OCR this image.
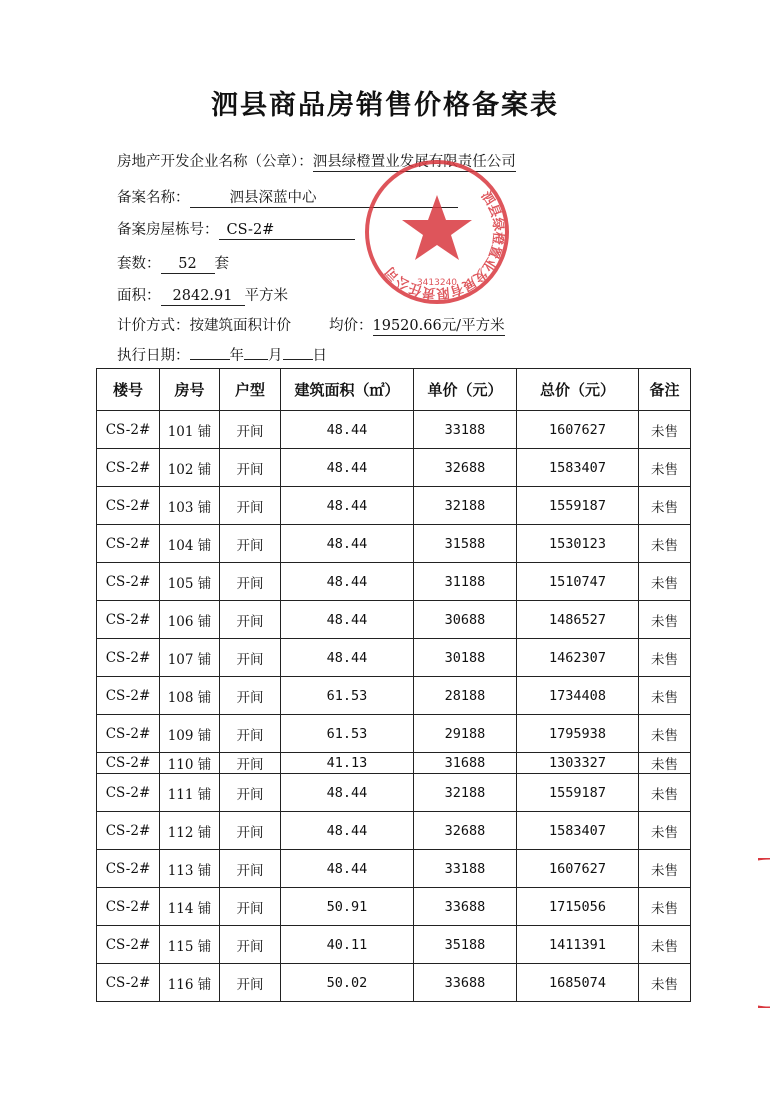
泗县商品房销售价格备案表
房地产开发企业名称（公章）：泗县绿橙置业发展有限责任公司
备案名称：	泗县深蓝中心
备案房屋栋号： CS-2#
套数： 52 套
面积： 2842.91 平方米
计价方式：按建筑面积计价	均价：19520.66元/平方米
执行日期：	年 月 日
泗县绿橙置业发展有限责任公司	3413240
楼号	房号	户型	建筑面积（㎡）	单价（元）	总价（元）	备注
CS-2#	101 铺	开间	48.44	33188	1607627	未售
CS-2#	102 铺	开间	48.44	32688	1583407	未售
CS-2#	103 铺	开间	48.44	32188	1559187	未售
CS-2#	104 铺	开间	48.44	31588	1530123	未售
CS-2#	105 铺	开间	48.44	31188	1510747	未售
CS-2#	106 铺	开间	48.44	30688	1486527	未售
CS-2#	107 铺	开间	48.44	30188	1462307	未售
CS-2#	108 铺	开间	61.53	28188	1734408	未售
CS-2#	109 铺	开间	61.53	29188	1795938	未售
CS-2#	110 铺	开间	41.13	31688	1303327	未售
CS-2#	111 铺	开间	48.44	32188	1559187	未售
CS-2#	112 铺	开间	48.44	32688	1583407	未售
CS-2#	113 铺	开间	48.44	33188	1607627	未售
CS-2#	114 铺	开间	50.91	33688	1715056	未售
CS-2#	115 铺	开间	40.11	35188	1411391	未售
CS-2#	116 铺	开间	50.02	33688	1685074	未售
